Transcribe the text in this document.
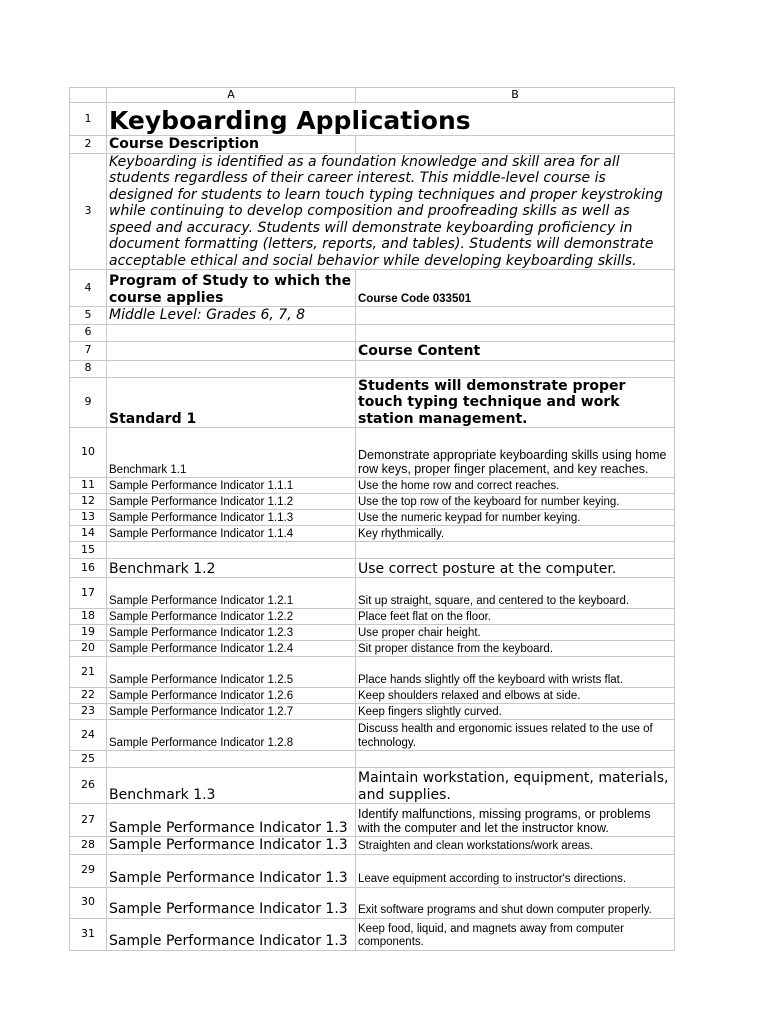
	A	B
1	Keyboarding Applications	
2	Course Description	
3	Keyboarding is identified as a foundation knowledge and skill area for all students regardless of their career interest. This middle-level course is designed for students to learn touch typing techniques and proper keystroking while continuing to develop composition and proofreading skills as well as speed and accuracy. Students will demonstrate keyboarding proficiency in document formatting (letters, reports, and tables). Students will demonstrate acceptable ethical and social behavior while developing keyboarding skills.	
4	Program of Study to which the course applies	Course Code 033501
5	Middle Level: Grades 6, 7, 8	
6		
7		Course Content
8		
9	Standard 1	Students will demonstrate proper touch typing technique and work station management.
10	Benchmark 1.1	Demonstrate appropriate keyboarding skills using home row keys, proper finger placement, and key reaches.
11	Sample Performance Indicator 1.1.1	Use the home row and correct reaches.
12	Sample Performance Indicator 1.1.2	Use the top row of the keyboard for number keying.
13	Sample Performance Indicator 1.1.3	Use the numeric keypad for number keying.
14	Sample Performance Indicator 1.1.4	Key rhythmically.
15		
16	Benchmark 1.2	Use correct posture at the computer.
17	Sample Performance Indicator 1.2.1	Sit up straight, square, and centered to the keyboard.
18	Sample Performance Indicator 1.2.2	Place feet flat on the floor.
19	Sample Performance Indicator 1.2.3	Use proper chair height.
20	Sample Performance Indicator 1.2.4	Sit proper distance from the keyboard.
21	Sample Performance Indicator 1.2.5	Place hands slightly off the keyboard with wrists flat.
22	Sample Performance Indicator 1.2.6	Keep shoulders relaxed and elbows at side.
23	Sample Performance Indicator 1.2.7	Keep fingers slightly curved.
24	Sample Performance Indicator 1.2.8	Discuss health and ergonomic issues related to the use of technology.
25		
26	Benchmark 1.3	Maintain workstation, equipment, materials, and supplies.
27	Sample Performance Indicator 1.3	Identify malfunctions, missing programs, or problems with the computer and let the instructor know.
28	Sample Performance Indicator 1.3	Straighten and clean workstations/work areas.
29	Sample Performance Indicator 1.3	Leave equipment according to instructor's directions.
30	Sample Performance Indicator 1.3	Exit software programs and shut down computer properly.
31	Sample Performance Indicator 1.3	Keep food, liquid, and magnets away from computer components.
